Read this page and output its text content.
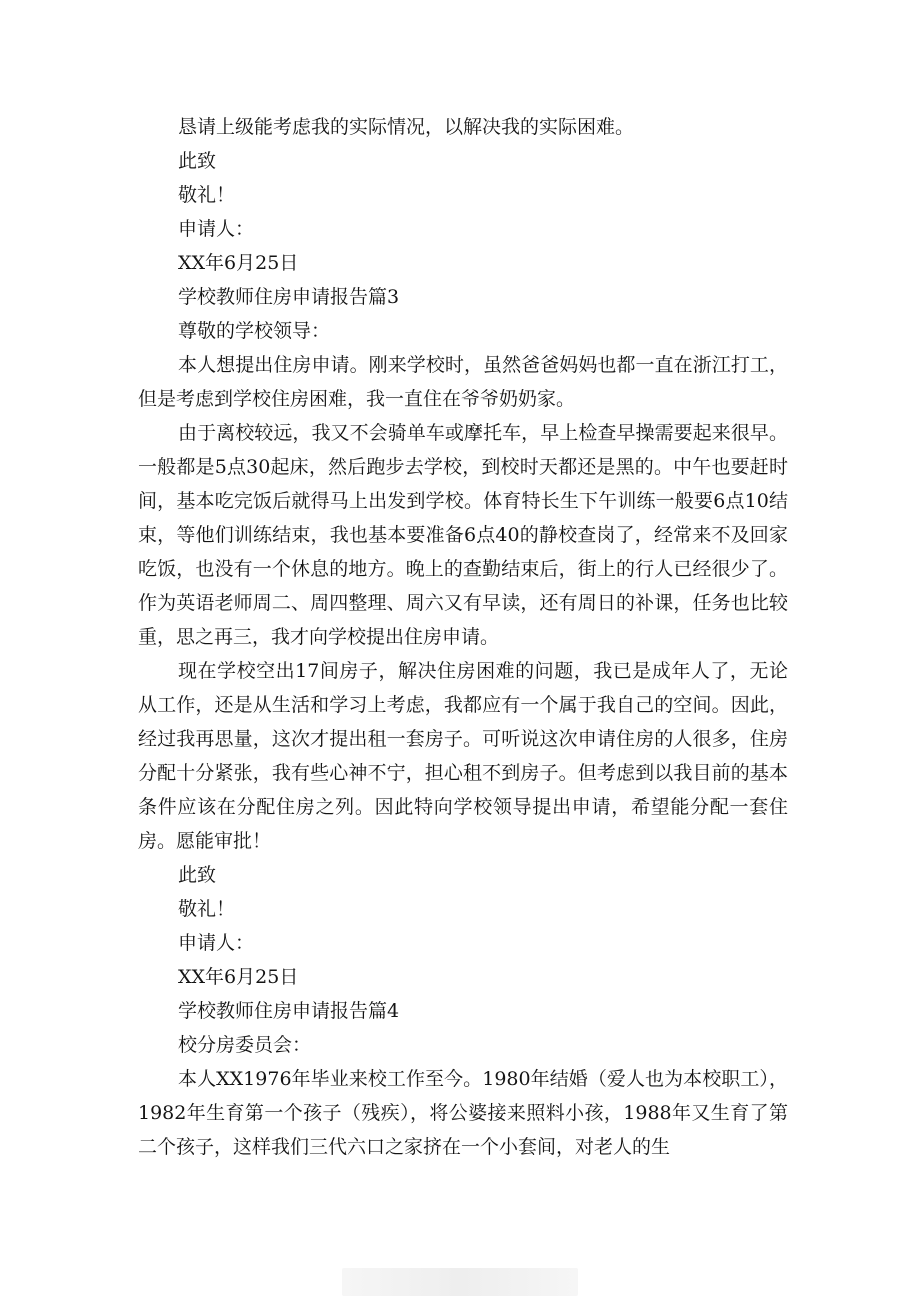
恳请上级能考虑我的实际情况，以解决我的实际困难。

此致

敬礼！

申请人：

XX年6月25日

学校教师住房申请报告篇3

尊敬的学校领导：

本人想提出住房申请。刚来学校时，虽然爸爸妈妈也都一直在浙江打工，但是考虑到学校住房困难，我一直住在爷爷奶奶家。

由于离校较远，我又不会骑单车或摩托车，早上检查早操需要起来很早。一般都是5点30起床，然后跑步去学校，到校时天都还是黑的。中午也要赶时间，基本吃完饭后就得马上出发到学校。体育特长生下午训练一般要6点10结束，等他们训练结束，我也基本要准备6点40的静校查岗了，经常来不及回家吃饭，也没有一个休息的地方。晚上的查勤结束后，街上的行人已经很少了。作为英语老师周二、周四整理、周六又有早读，还有周日的补课，任务也比较重，思之再三，我才向学校提出住房申请。

现在学校空出17间房子，解决住房困难的问题，我已是成年人了，无论从工作，还是从生活和学习上考虑，我都应有一个属于我自己的空间。因此，经过我再思量，这次才提出租一套房子。可听说这次申请住房的人很多，住房分配十分紧张，我有些心神不宁，担心租不到房子。但考虑到以我目前的基本条件应该在分配住房之列。因此特向学校领导提出申请，希望能分配一套住房。愿能审批！

此致

敬礼！

申请人：

XX年6月25日

学校教师住房申请报告篇4

校分房委员会：

本人XX1976年毕业来校工作至今。1980年结婚（爱人也为本校职工），1982年生育第一个孩子（残疾），将公婆接来照料小孩，1988年又生育了第二个孩子，这样我们三代六口之家挤在一个小套间，对老人的生
